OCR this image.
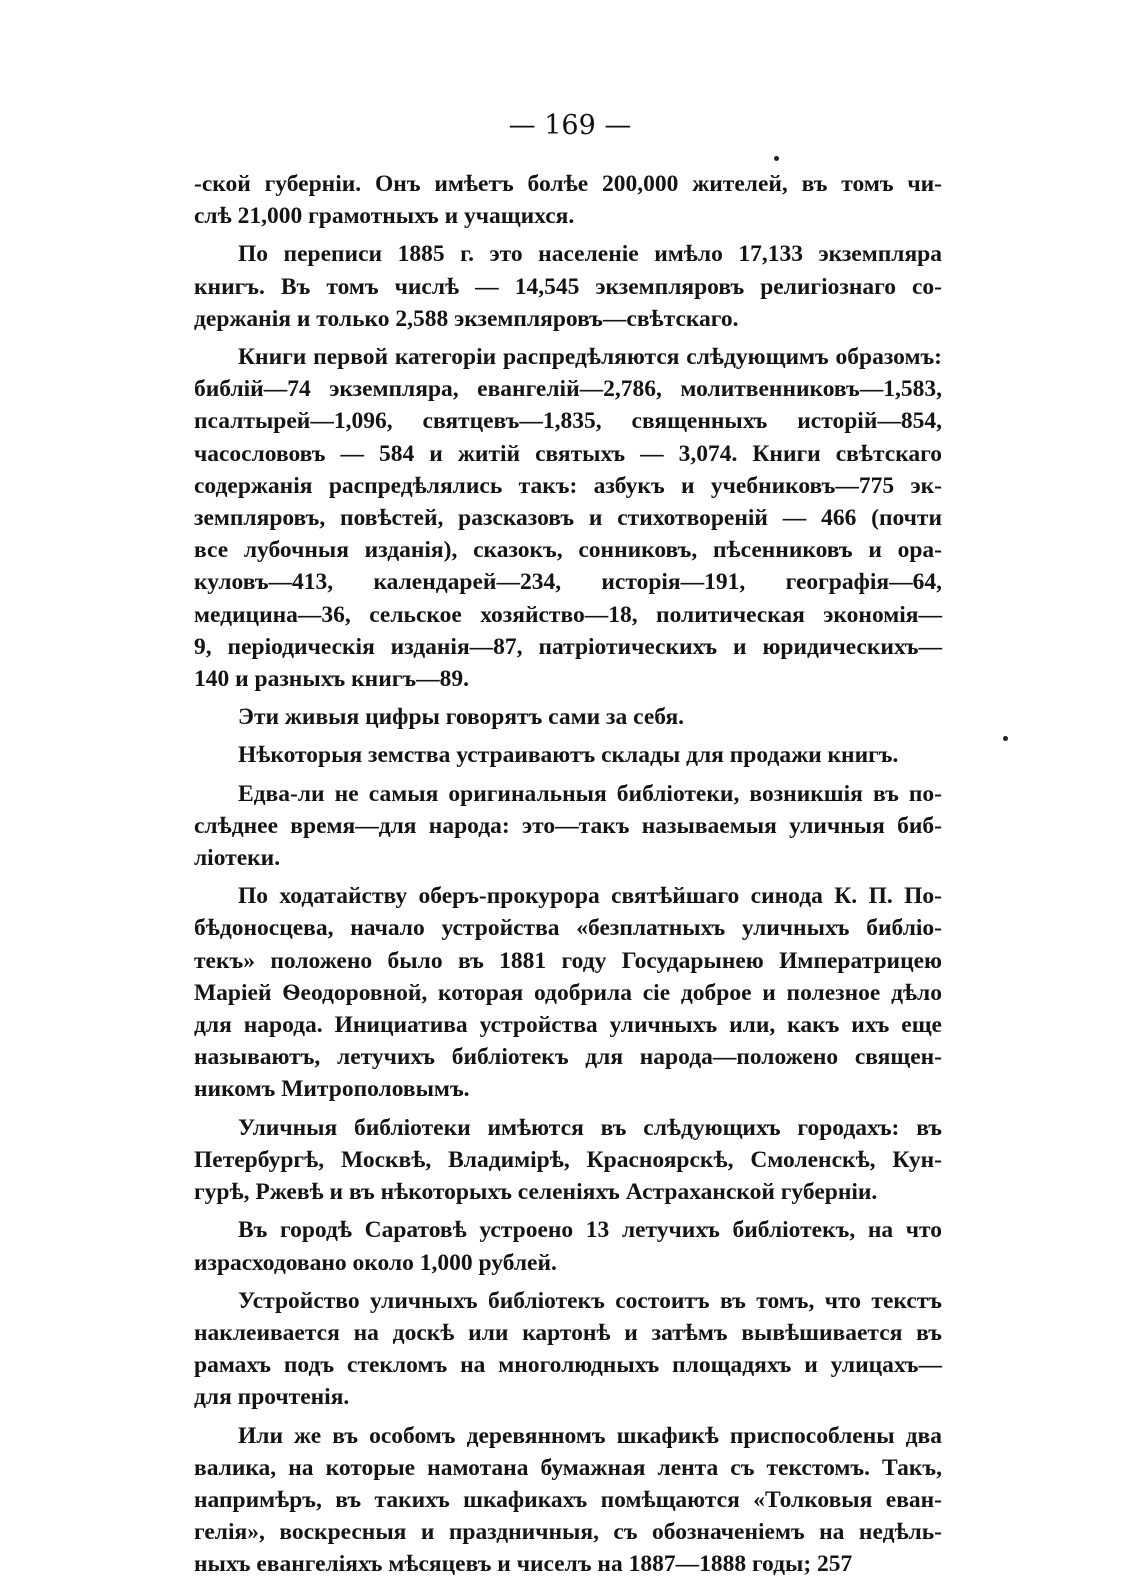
— 169 —
-ской губерніи. Онъ имѣетъ болѣе 200,000 жителей, въ томъ чи-
слѣ 21,000 грамотныхъ и учащихся.
По переписи 1885 г. это населеніе имѣло 17,133 экземпляра
книгъ. Въ томъ числѣ — 14,545 экземпляровъ религіознаго со-
держанія и только 2,588 экземпляровъ—свѣтскаго.
Книги первой категоріи распредѣляются слѣдующимъ образомъ:
библій—74 экземпляра, евангелій—2,786, молитвенниковъ—1,583,
псалтырей—1,096, святцевъ—1,835, священныхъ исторій—854,
часослововъ — 584 и житій святыхъ — 3,074. Книги свѣтскаго
содержанія распредѣлялись такъ: азбукъ и учебниковъ—775 эк-
земпляровъ, повѣстей, разсказовъ и стихотвореній — 466 (почти
все лубочныя изданія), сказокъ, сонниковъ, пѣсенниковъ и ора-
куловъ—413, календарей—234, исторія—191, географія—64,
медицина—36, сельское хозяйство—18, политическая экономія—
9, періодическія изданія—87, патріотическихъ и юридическихъ—
140 и разныхъ книгъ—89.
Эти живыя цифры говорятъ сами за себя.
Нѣкоторыя земства устраиваютъ склады для продажи книгъ.
Едва-ли не самыя оригинальныя библіотеки, возникшія въ по-
слѣднее время—для народа: это—такъ называемыя уличныя биб-
ліотеки.
По ходатайству оберъ-прокурора святѣйшаго синода К. П. По-
бѣдоносцева, начало устройства «безплатныхъ уличныхъ библіо-
текъ» положено было въ 1881 году Государынею Императрицею
Маріей Ѳеодоровной, которая одобрила сіе доброе и полезное дѣло
для народа. Инициатива устройства уличныхъ или, какъ ихъ еще
называютъ, летучихъ библіотекъ для народа—положено священ-
никомъ Митрополовымъ.
Уличныя библіотеки имѣются въ слѣдующихъ городахъ: въ
Петербургѣ, Москвѣ, Владимірѣ, Красноярскѣ, Смоленскѣ, Кун-
гурѣ, Ржевѣ и въ нѣкоторыхъ селеніяхъ Астраханской губерніи.
Въ городѣ Саратовѣ устроено 13 летучихъ библіотекъ, на что
израсходовано около 1,000 рублей.
Устройство уличныхъ библіотекъ состоитъ въ томъ, что текстъ
наклеивается на доскѣ или картонѣ и затѣмъ вывѣшивается въ
рамахъ подъ стекломъ на многолюдныхъ площадяхъ и улицахъ—
для прочтенія.
Или же въ особомъ деревянномъ шкафикѣ приспособлены два
валика, на которые намотана бумажная лента съ текстомъ. Такъ,
напримѣръ, въ такихъ шкафикахъ помѣщаются «Толковыя еван-
гелія», воскресныя и праздничныя, съ обозначеніемъ на недѣль-
ныхъ евангеліяхъ мѣсяцевъ и чиселъ на 1887—1888 годы; 257
